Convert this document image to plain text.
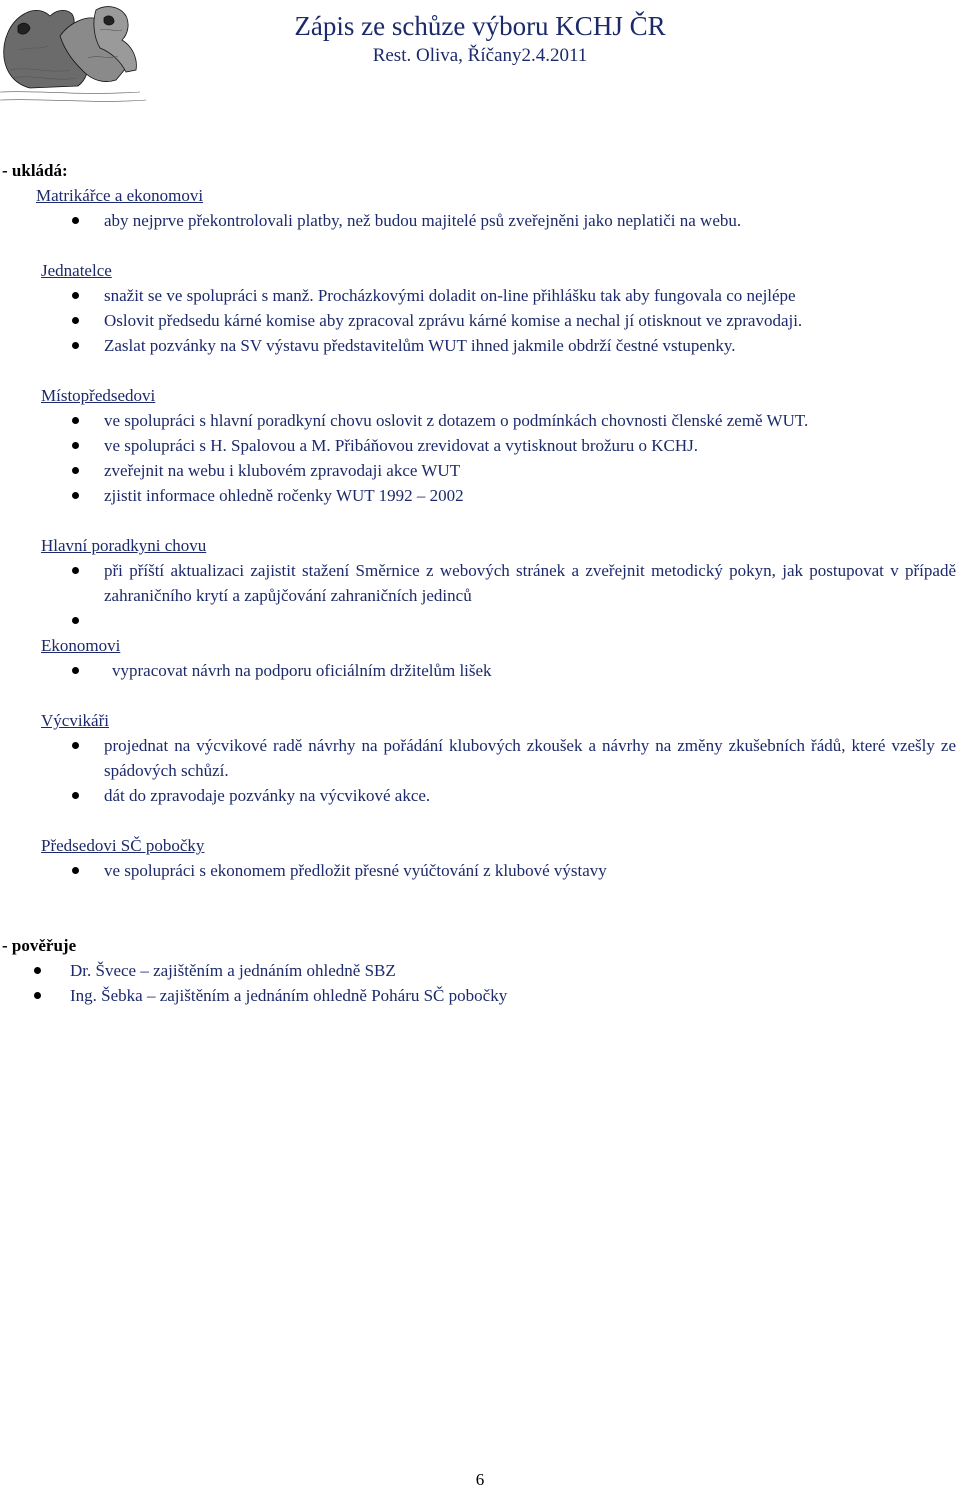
Zápis ze schůze výboru KCHJ ČR
Rest. Oliva, Říčany2.4.2011
- ukládá:
Matrikářce a ekonomovi
aby nejprve překontrolovali platby, než budou majitelé psů zveřejněni jako neplatiči na webu.
Jednatelce
snažit se ve spolupráci s manž. Procházkovými doladit on-line přihlášku tak aby fungovala co nejlépe
Oslovit předsedu kárné komise aby zpracoval zprávu kárné komise a nechal jí otisknout ve zpravodaji.
Zaslat pozvánky na SV výstavu představitelům WUT ihned jakmile obdrží čestné vstupenky.
Místopředsedovi
ve spolupráci s hlavní poradkyní chovu oslovit z dotazem o podmínkách chovnosti členské země WUT.
ve spolupráci s H. Spalovou a M. Přibáňovou zrevidovat a vytisknout brožuru o KCHJ.
zveřejnit na webu i klubovém zpravodaji akce WUT
zjistit informace ohledně ročenky WUT 1992 – 2002
Hlavní poradkyni chovu
při příští aktualizaci zajistit stažení Směrnice z webových stránek a zveřejnit metodický pokyn, jak postupovat v případě zahraničního krytí a zapůjčování zahraničních jedinců

Ekonomovi
vypracovat návrh na podporu oficiálním držitelům lišek
Výcvikáři
projednat na výcvikové radě návrhy na pořádání klubových zkoušek a návrhy na změny zkušebních řádů, které vzešly ze spádových schůzí.
dát do zpravodaje pozvánky na výcvikové akce.
Předsedovi SČ pobočky
ve spolupráci s ekonomem předložit přesné vyúčtování z klubové výstavy
- pověřuje
Dr. Švece – zajištěním a jednáním ohledně SBZ
Ing. Šebka – zajištěním a jednáním ohledně Poháru SČ pobočky
6
